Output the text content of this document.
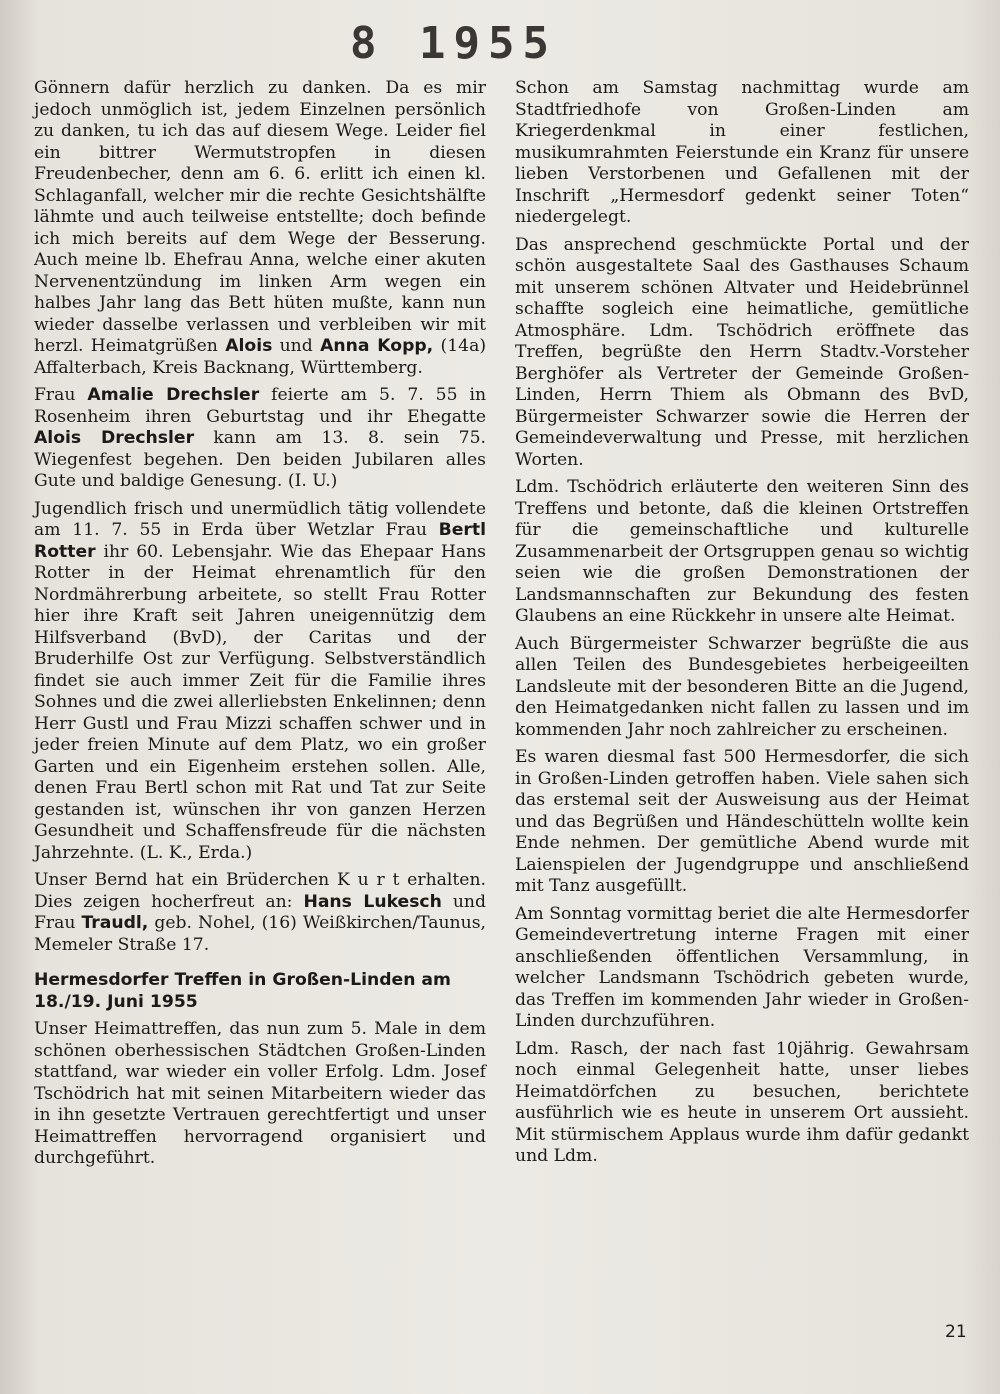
8 1955

Gönnern dafür herzlich zu danken. Da es mir jedoch unmöglich ist, jedem Einzelnen persönlich zu danken, tu ich das auf diesem Wege. Leider fiel ein bittrer Wermutstropfen in diesen Freudenbecher, denn am 6. 6. erlitt ich einen kl. Schlaganfall, welcher mir die rechte Gesichtshälfte lähmte und auch teilweise entstellte; doch befinde ich mich bereits auf dem Wege der Besserung. Auch meine lb. Ehefrau Anna, welche einer akuten Nervenentzündung im linken Arm wegen ein halbes Jahr lang das Bett hüten mußte, kann nun wieder dasselbe verlassen und verbleiben wir mit herzl. Heimatgrüßen Alois und Anna Kopp, (14a) Affalterbach, Kreis Backnang, Württemberg.

Frau Amalie Drechsler feierte am 5. 7. 55 in Rosenheim ihren Geburtstag und ihr Ehegatte Alois Drechsler kann am 13. 8. sein 75. Wiegenfest begehen. Den beiden Jubilaren alles Gute und baldige Genesung. (I. U.)

Jugendlich frisch und unermüdlich tätig vollendete am 11. 7. 55 in Erda über Wetzlar Frau Bertl Rotter ihr 60. Lebensjahr. Wie das Ehepaar Hans Rotter in der Heimat ehrenamtlich für den Nordmährerbung arbeitete, so stellt Frau Rotter hier ihre Kraft seit Jahren uneigennützig dem Hilfsverband (BvD), der Caritas und der Bruderhilfe Ost zur Verfügung. Selbstverständlich findet sie auch immer Zeit für die Familie ihres Sohnes und die zwei allerliebsten Enkelinnen; denn Herr Gustl und Frau Mizzi schaffen schwer und in jeder freien Minute auf dem Platz, wo ein großer Garten und ein Eigenheim erstehen sollen. Alle, denen Frau Bertl schon mit Rat und Tat zur Seite gestanden ist, wünschen ihr von ganzen Herzen Gesundheit und Schaffensfreude für die nächsten Jahrzehnte. (L. K., Erda.)

Unser Bernd hat ein Brüderchen K u r t erhalten. Dies zeigen hocherfreut an: Hans Lukesch und Frau Traudl, geb. Nohel, (16) Weißkirchen/Taunus, Memeler Straße 17.

Hermesdorfer Treffen in Großen-Linden am 18./19. Juni 1955

Unser Heimattreffen, das nun zum 5. Male in dem schönen oberhessischen Städtchen Großen-Linden stattfand, war wieder ein voller Erfolg. Ldm. Josef Tschödrich hat mit seinen Mitarbeitern wieder das in ihn gesetzte Vertrauen gerechtfertigt und unser Heimattreffen hervorragend organisiert und durchgeführt.

Schon am Samstag nachmittag wurde am Stadtfriedhofe von Großen-Linden am Kriegerdenkmal in einer festlichen, musikumrahmten Feierstunde ein Kranz für unsere lieben Verstorbenen und Gefallenen mit der Inschrift „Hermesdorf gedenkt seiner Toten“ niedergelegt.

Das ansprechend geschmückte Portal und der schön ausgestaltete Saal des Gasthauses Schaum mit unserem schönen Altvater und Heidebrünnel schaffte sogleich eine heimatliche, gemütliche Atmosphäre. Ldm. Tschödrich eröffnete das Treffen, begrüßte den Herrn Stadtv.-Vorsteher Berghöfer als Vertreter der Gemeinde Großen-Linden, Herrn Thiem als Obmann des BvD, Bürgermeister Schwarzer sowie die Herren der Gemeindeverwaltung und Presse, mit herzlichen Worten.

Ldm. Tschödrich erläuterte den weiteren Sinn des Treffens und betonte, daß die kleinen Ortstreffen für die gemeinschaftliche und kulturelle Zusammenarbeit der Ortsgruppen genau so wichtig seien wie die großen Demonstrationen der Landsmannschaften zur Bekundung des festen Glaubens an eine Rückkehr in unsere alte Heimat.

Auch Bürgermeister Schwarzer begrüßte die aus allen Teilen des Bundesgebietes herbeigeeilten Landsleute mit der besonderen Bitte an die Jugend, den Heimatgedanken nicht fallen zu lassen und im kommenden Jahr noch zahlreicher zu erscheinen.

Es waren diesmal fast 500 Hermesdorfer, die sich in Großen-Linden getroffen haben. Viele sahen sich das erstemal seit der Ausweisung aus der Heimat und das Begrüßen und Händeschütteln wollte kein Ende nehmen. Der gemütliche Abend wurde mit Laienspielen der Jugendgruppe und anschließend mit Tanz ausgefüllt.

Am Sonntag vormittag beriet die alte Hermesdorfer Gemeindevertretung interne Fragen mit einer anschließenden öffentlichen Versammlung, in welcher Landsmann Tschödrich gebeten wurde, das Treffen im kommenden Jahr wieder in Großen-Linden durchzuführen.

Ldm. Rasch, der nach fast 10jährig. Gewahrsam noch einmal Gelegenheit hatte, unser liebes Heimatdörfchen zu besuchen, berichtete ausführlich wie es heute in unserem Ort aussieht. Mit stürmischem Applaus wurde ihm dafür gedankt und Ldm.

21
